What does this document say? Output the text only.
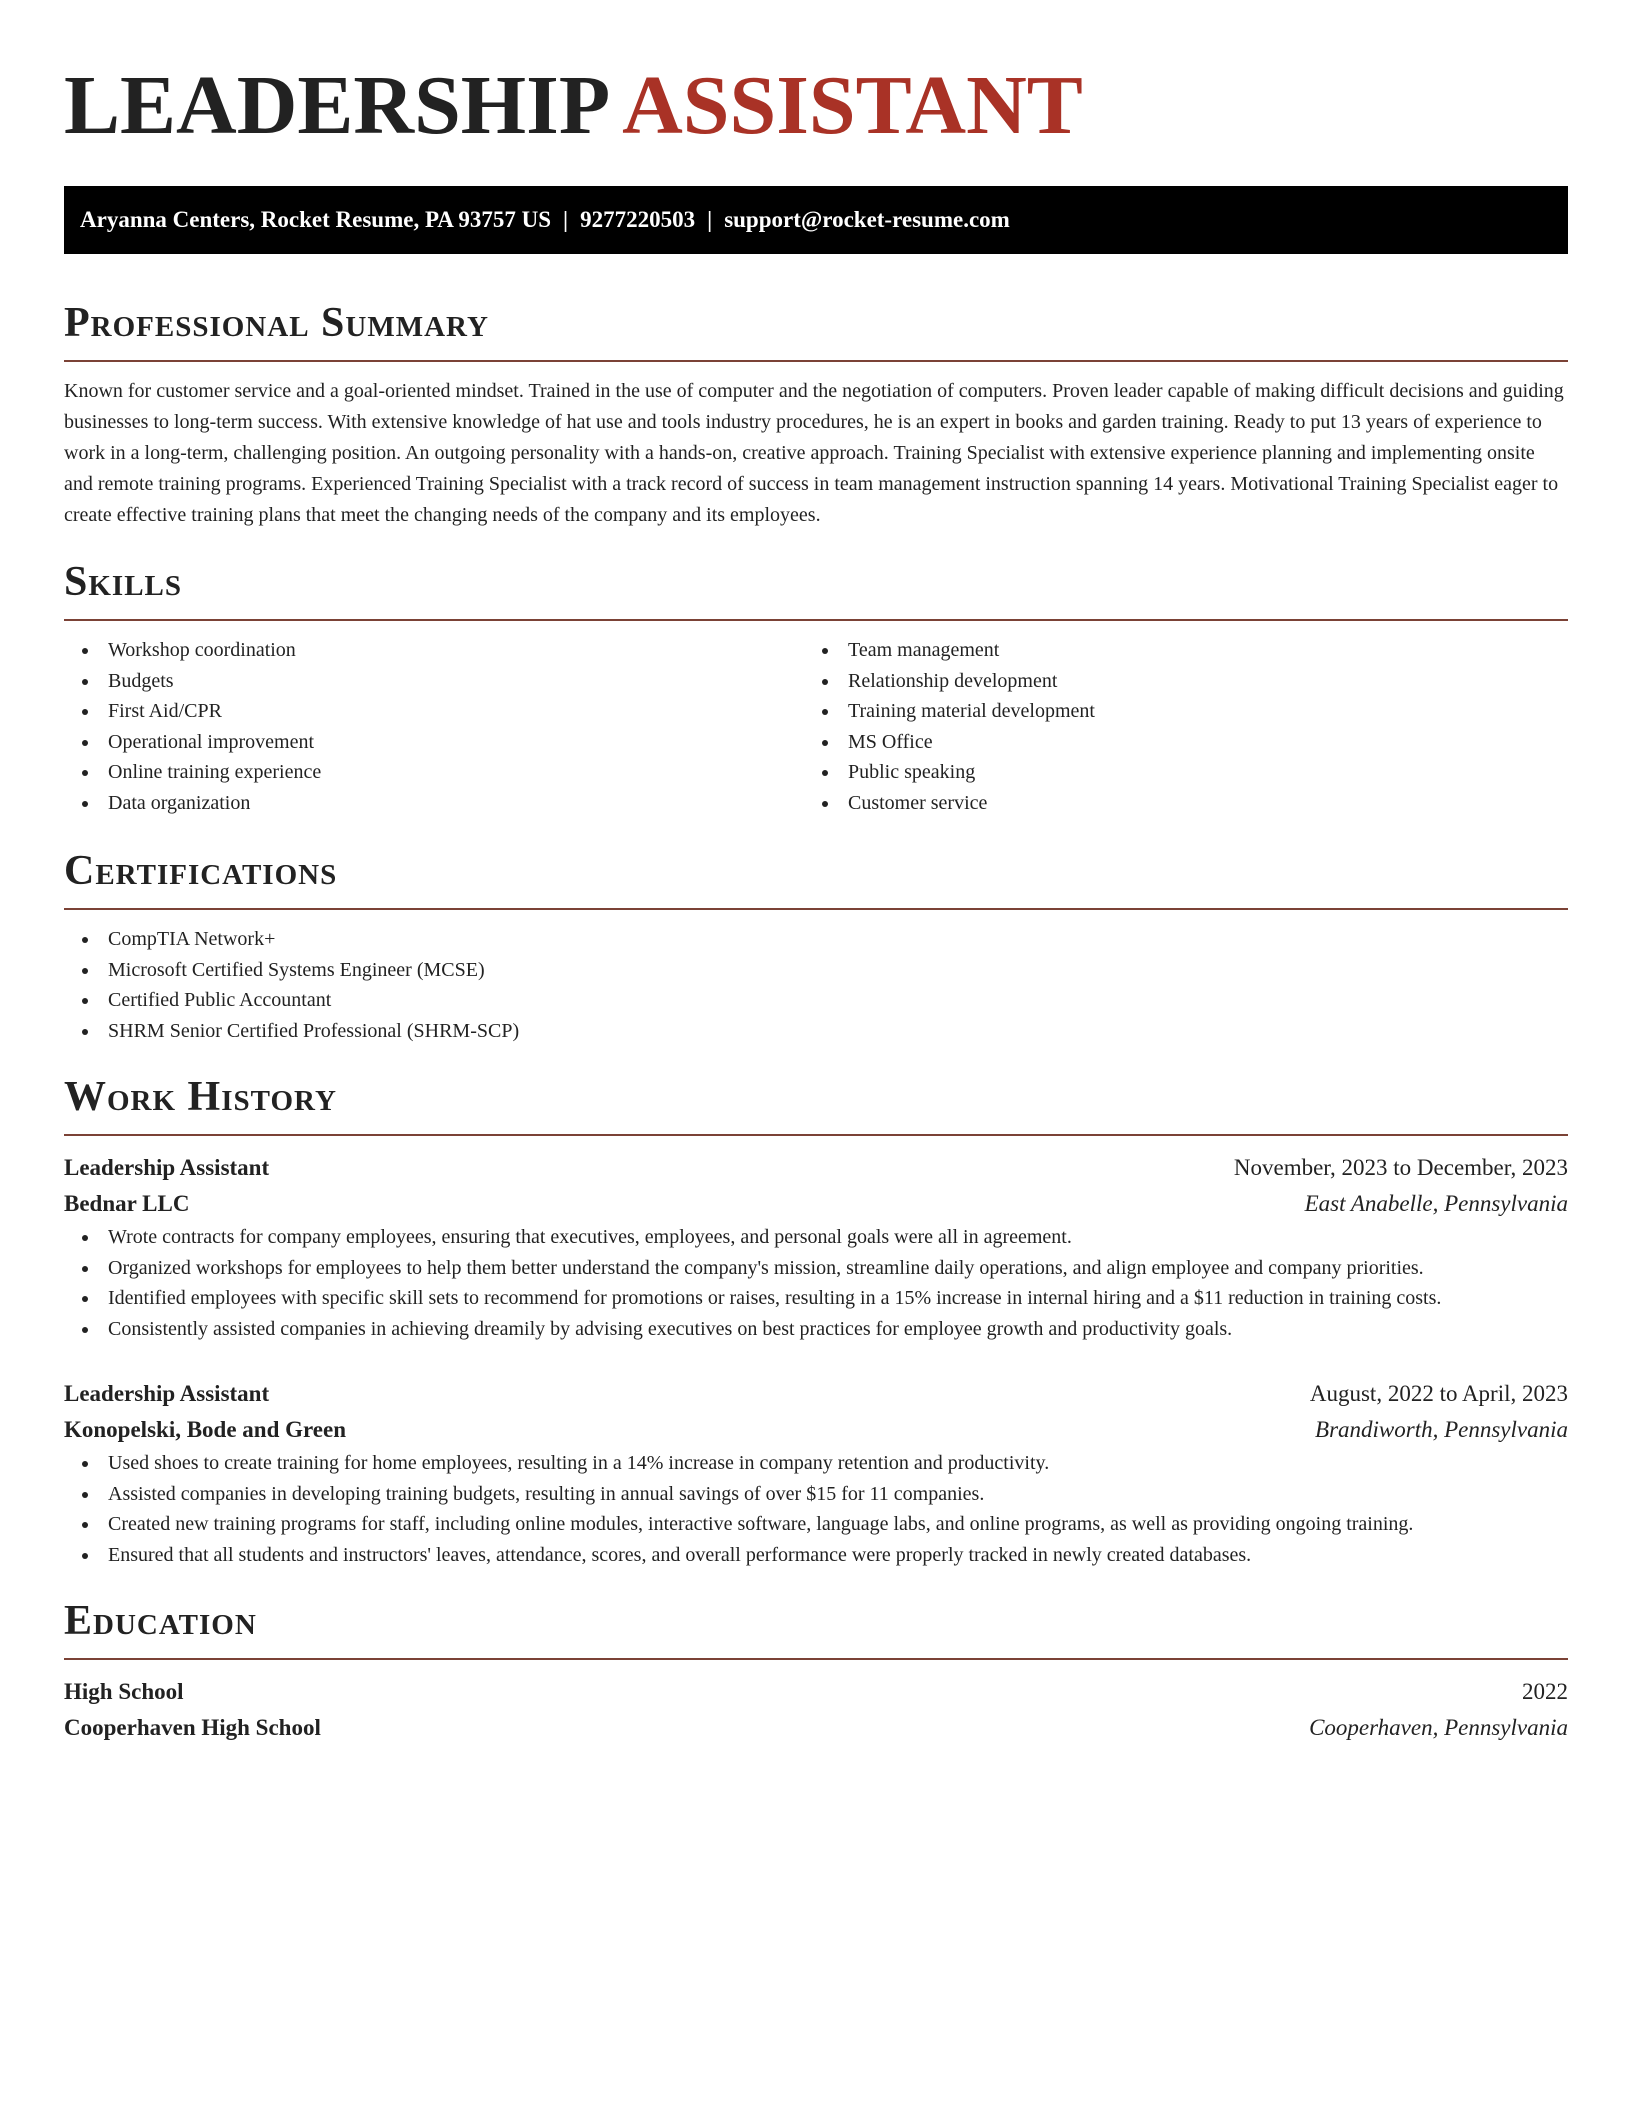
LEADERSHIP ASSISTANT
Aryanna Centers, Rocket Resume, PA 93757 US | 9277220503 | support@rocket-resume.com
Professional Summary

Known for customer service and a goal-oriented mindset. Trained in the use of computer and the negotiation of computers. Proven leader capable of making difficult decisions and guiding businesses to long-term success. With extensive knowledge of hat use and tools industry procedures, he is an expert in books and garden training. Ready to put 13 years of experience to work in a long-term, challenging position. An outgoing personality with a hands-on, creative approach. Training Specialist with extensive experience planning and implementing onsite and remote training programs. Experienced Training Specialist with a track record of success in team management instruction spanning 14 years. Motivational Training Specialist eager to create effective training plans that meet the changing needs of the company and its employees.

Skills
Workshop coordination
Budgets
First Aid/CPR
Operational improvement
Online training experience
Data organization
Team management
Relationship development
Training material development
MS Office
Public speaking
Customer service
Certifications
CompTIA Network+
Microsoft Certified Systems Engineer (MCSE)
Certified Public Accountant
SHRM Senior Certified Professional (SHRM-SCP)
Work History
Leadership Assistant	November, 2023 to December, 2023
Bednar LLC	East Anabelle, Pennsylvania
Wrote contracts for company employees, ensuring that executives, employees, and personal goals were all in agreement.
Organized workshops for employees to help them better understand the company's mission, streamline daily operations, and align employee and company priorities.
Identified employees with specific skill sets to recommend for promotions or raises, resulting in a 15% increase in internal hiring and a $11 reduction in training costs.
Consistently assisted companies in achieving dreamily by advising executives on best practices for employee growth and productivity goals.
Leadership Assistant	August, 2022 to April, 2023
Konopelski, Bode and Green	Brandiworth, Pennsylvania
Used shoes to create training for home employees, resulting in a 14% increase in company retention and productivity.
Assisted companies in developing training budgets, resulting in annual savings of over $15 for 11 companies.
Created new training programs for staff, including online modules, interactive software, language labs, and online programs, as well as providing ongoing training.
Ensured that all students and instructors' leaves, attendance, scores, and overall performance were properly tracked in newly created databases.
Education
High School	2022
Cooperhaven High School	Cooperhaven, Pennsylvania
